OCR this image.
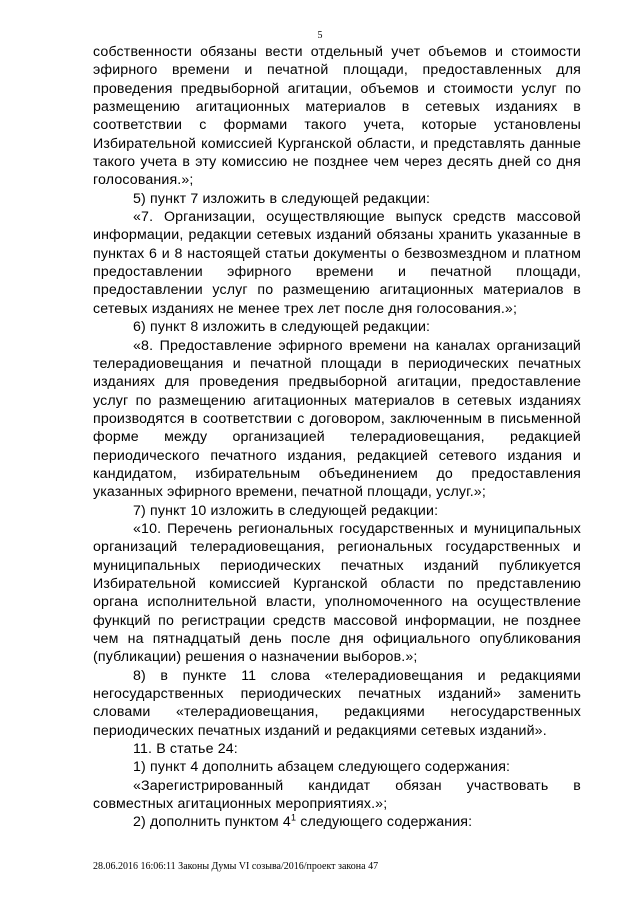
5

собственности обязаны вести отдельный учет объемов и стоимости эфирного времени и печатной площади, предоставленных для проведения предвыборной агитации, объемов и стоимости услуг по размещению агитационных материалов в сетевых изданиях в соответствии с формами такого учета, которые установлены Избирательной комиссией Курганской области, и представлять данные такого учета в эту комиссию не позднее чем через десять дней со дня голосования.»;

5) пункт 7 изложить в следующей редакции:

«7. Организации, осуществляющие выпуск средств массовой информации, редакции сетевых изданий обязаны хранить указанные в пунктах 6 и 8 настоящей статьи документы о безвозмездном и платном предоставлении эфирного времени и печатной площади, предоставлении услуг по размещению агитационных материалов в сетевых изданиях не менее трех лет после дня голосования.»;

6) пункт 8 изложить в следующей редакции:

«8. Предоставление эфирного времени на каналах организаций телерадиовещания и печатной площади в периодических печатных изданиях для проведения предвыборной агитации, предоставление услуг по размещению агитационных материалов в сетевых изданиях производятся в соответствии с договором, заключенным в письменной форме между организацией телерадиовещания, редакцией периодического печатного издания, редакцией сетевого издания и кандидатом, избирательным объединением до предоставления указанных эфирного времени, печатной площади, услуг.»;

7) пункт 10 изложить в следующей редакции:

«10. Перечень региональных государственных и муниципальных организаций телерадиовещания, региональных государственных и муниципальных периодических печатных изданий публикуется Избирательной комиссией Курганской области по представлению органа исполнительной власти, уполномоченного на осуществление функций по регистрации средств массовой информации, не позднее чем на пятнадцатый день после дня официального опубликования (публикации) решения о назначении выборов.»;

8) в пункте 11 слова «телерадиовещания и редакциями негосударственных периодических печатных изданий» заменить словами «телерадиовещания, редакциями негосударственных периодических печатных изданий и редакциями сетевых изданий».

11. В статье 24:

1) пункт 4 дополнить абзацем следующего содержания:

«Зарегистрированный кандидат обязан участвовать в совместных агитационных мероприятиях.»;

2) дополнить пунктом $4^1$ следующего содержания:

28.06.2016 16:06:11 Законы Думы VI созыва/2016/проект закона 47
